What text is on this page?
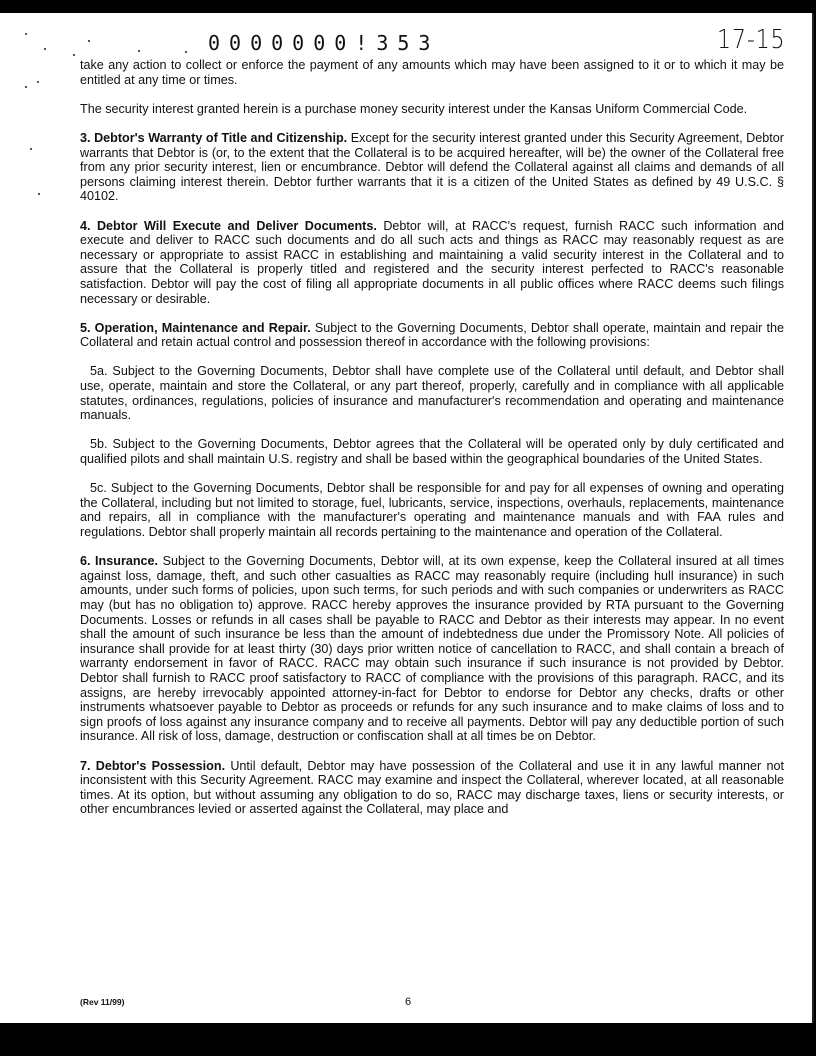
0000000!353	17-15

take any action to collect or enforce the payment of any amounts which may have been assigned to it or to which it may be entitled at any time or times.

The security interest granted herein is a purchase money security interest under the Kansas Uniform Commercial Code.

3. Debtor's Warranty of Title and Citizenship. Except for the security interest granted under this Security Agreement, Debtor warrants that Debtor is (or, to the extent that the Collateral is to be acquired hereafter, will be) the owner of the Collateral free from any prior security interest, lien or encumbrance. Debtor will defend the Collateral against all claims and demands of all persons claiming interest therein. Debtor further warrants that it is a citizen of the United States as defined by 49 U.S.C. § 40102.

4. Debtor Will Execute and Deliver Documents. Debtor will, at RACC's request, furnish RACC such information and execute and deliver to RACC such documents and do all such acts and things as RACC may reasonably request as are necessary or appropriate to assist RACC in establishing and maintaining a valid security interest in the Collateral and to assure that the Collateral is properly titled and registered and the security interest perfected to RACC's reasonable satisfaction. Debtor will pay the cost of filing all appropriate documents in all public offices where RACC deems such filings necessary or desirable.

5. Operation, Maintenance and Repair. Subject to the Governing Documents, Debtor shall operate, maintain and repair the Collateral and retain actual control and possession thereof in accordance with the following provisions:

5a. Subject to the Governing Documents, Debtor shall have complete use of the Collateral until default, and Debtor shall use, operate, maintain and store the Collateral, or any part thereof, properly, carefully and in compliance with all applicable statutes, ordinances, regulations, policies of insurance and manufacturer's recommendation and operating and maintenance manuals.

5b. Subject to the Governing Documents, Debtor agrees that the Collateral will be operated only by duly certificated and qualified pilots and shall maintain U.S. registry and shall be based within the geographical boundaries of the United States.

5c. Subject to the Governing Documents, Debtor shall be responsible for and pay for all expenses of owning and operating the Collateral, including but not limited to storage, fuel, lubricants, service, inspections, overhauls, replacements, maintenance and repairs, all in compliance with the manufacturer's operating and maintenance manuals and with FAA rules and regulations. Debtor shall properly maintain all records pertaining to the maintenance and operation of the Collateral.

6. Insurance. Subject to the Governing Documents, Debtor will, at its own expense, keep the Collateral insured at all times against loss, damage, theft, and such other casualties as RACC may reasonably require (including hull insurance) in such amounts, under such forms of policies, upon such terms, for such periods and with such companies or underwriters as RACC may (but has no obligation to) approve. RACC hereby approves the insurance provided by RTA pursuant to the Governing Documents. Losses or refunds in all cases shall be payable to RACC and Debtor as their interests may appear. In no event shall the amount of such insurance be less than the amount of indebtedness due under the Promissory Note. All policies of insurance shall provide for at least thirty (30) days prior written notice of cancellation to RACC, and shall contain a breach of warranty endorsement in favor of RACC. RACC may obtain such insurance if such insurance is not provided by Debtor. Debtor shall furnish to RACC proof satisfactory to RACC of compliance with the provisions of this paragraph. RACC, and its assigns, are hereby irrevocably appointed attorney-in-fact for Debtor to endorse for Debtor any checks, drafts or other instruments whatsoever payable to Debtor as proceeds or refunds for any such insurance and to make claims of loss and to sign proofs of loss against any insurance company and to receive all payments. Debtor will pay any deductible portion of such insurance. All risk of loss, damage, destruction or confiscation shall at all times be on Debtor.

7. Debtor's Possession. Until default, Debtor may have possession of the Collateral and use it in any lawful manner not inconsistent with this Security Agreement. RACC may examine and inspect the Collateral, wherever located, at all reasonable times. At its option, but without assuming any obligation to do so, RACC may discharge taxes, liens or security interests, or other encumbrances levied or asserted against the Collateral, may place and

(Rev 11/99)	6
